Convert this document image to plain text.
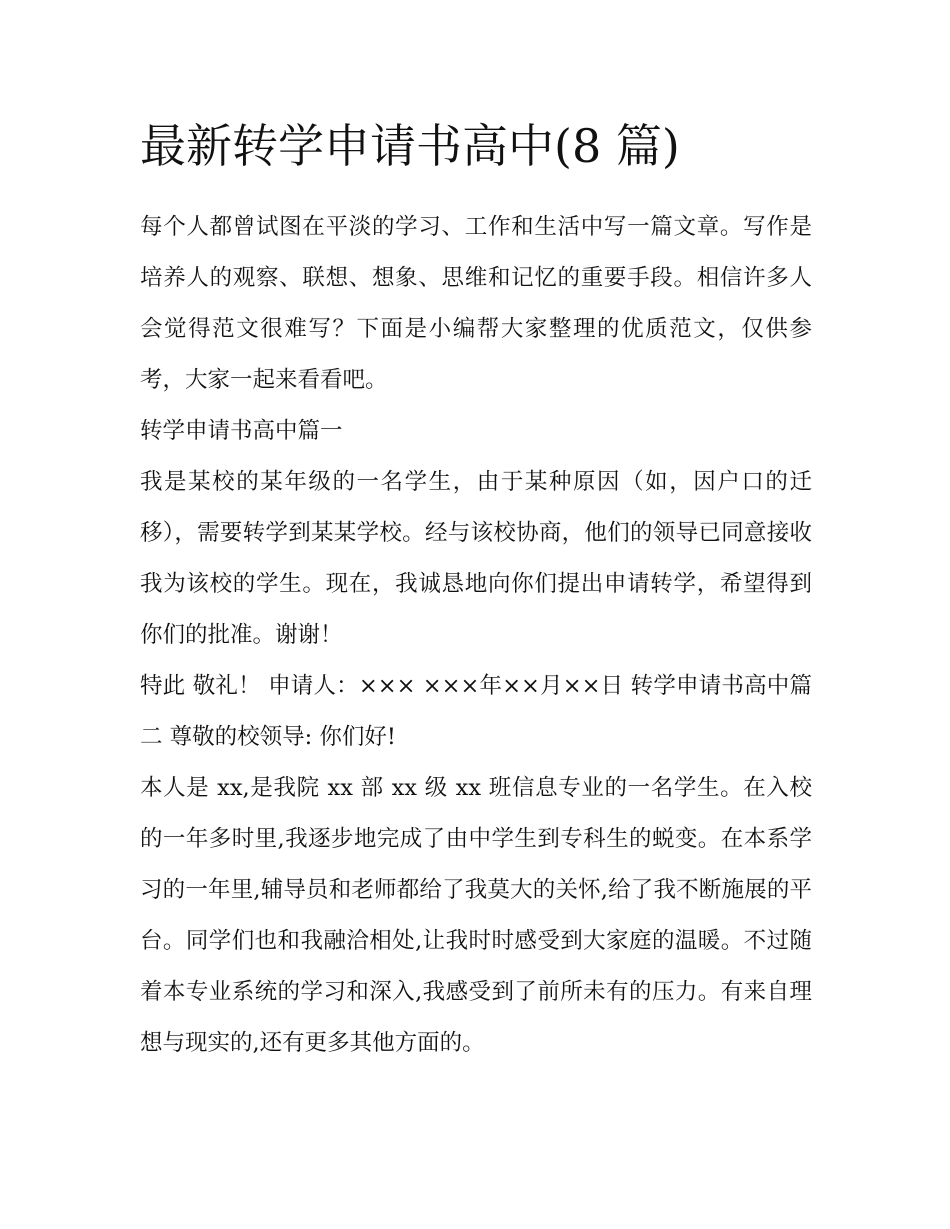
最新转学申请书高中(8 篇)

每个人都曾试图在平淡的学习、工作和生活中写一篇文章。写作是培养人的观察、联想、想象、思维和记忆的重要手段。相信许多人会觉得范文很难写？下面是小编帮大家整理的优质范文，仅供参考，大家一起来看看吧。

转学申请书高中篇一

我是某校的某年级的一名学生，由于某种原因（如，因户口的迁移），需要转学到某某学校。经与该校协商，他们的领导已同意接收我为该校的学生。现在，我诚恳地向你们提出申请转学，希望得到你们的批准。谢谢！

特此 敬礼！ 申请人：××× ×××年××月××日 转学申请书高中篇二 尊敬的校领导: 你们好!

本人是 xx,是我院 xx 部 xx 级 xx 班信息专业的一名学生。在入校的一年多时里,我逐步地完成了由中学生到专科生的蜕变。在本系学习的一年里,辅导员和老师都给了我莫大的关怀,给了我不断施展的平台。同学们也和我融洽相处,让我时时感受到大家庭的温暖。不过随着本专业系统的学习和深入,我感受到了前所未有的压力。有来自理想与现实的,还有更多其他方面的。
